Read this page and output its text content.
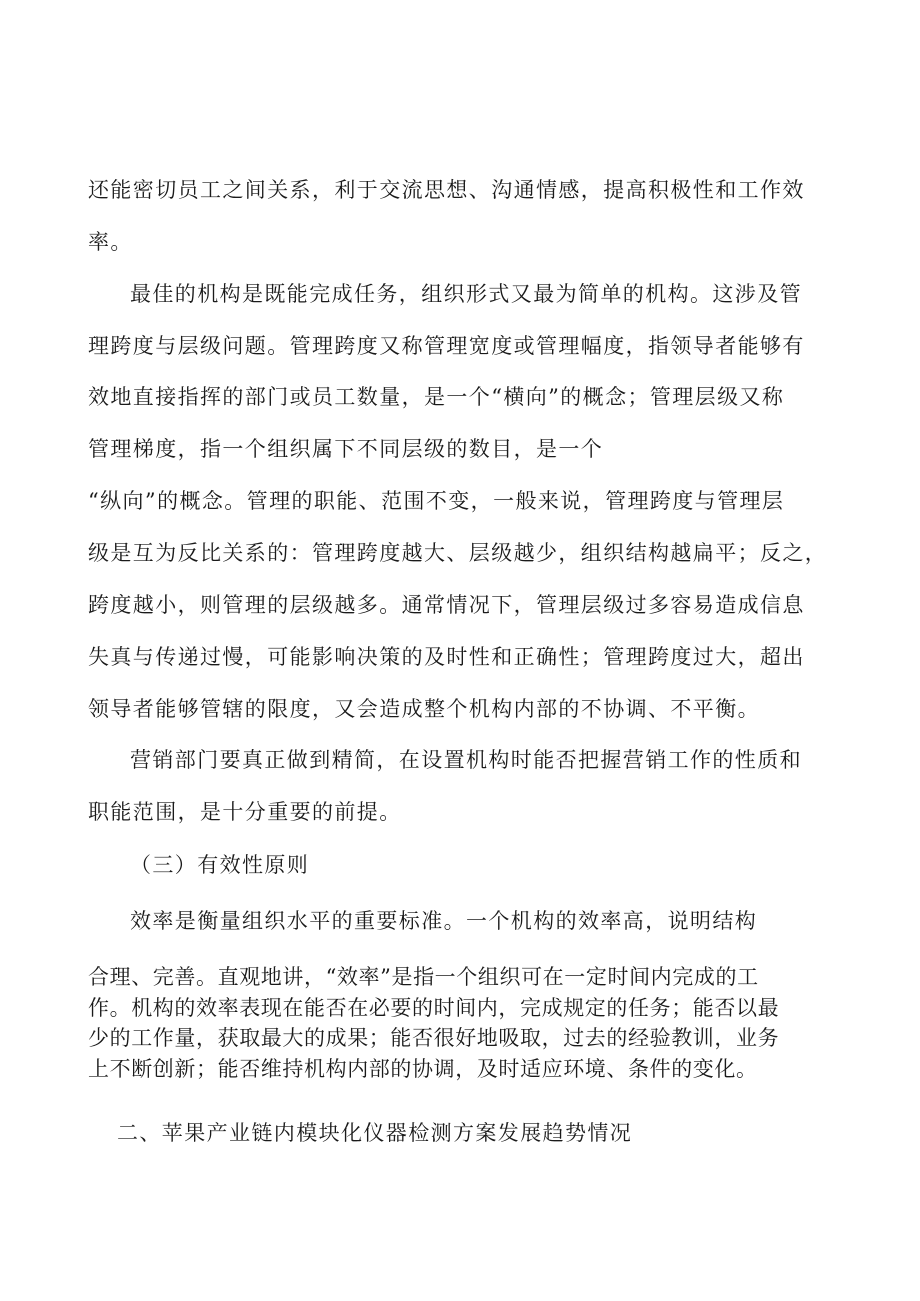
还能密切员工之间关系，利于交流思想、沟通情感，提高积极性和工作效
率。
最佳的机构是既能完成任务，组织形式又最为简单的机构。这涉及管
理跨度与层级问题。管理跨度又称管理宽度或管理幅度，指领导者能够有
效地直接指挥的部门或员工数量，是一个“横向”的概念；管理层级又称
管理梯度，指一个组织属下不同层级的数目，是一个
“纵向”的概念。管理的职能、范围不变，一般来说，管理跨度与管理层
级是互为反比关系的：管理跨度越大、层级越少，组织结构越扁平；反之，
跨度越小，则管理的层级越多。通常情况下，管理层级过多容易造成信息
失真与传递过慢，可能影响决策的及时性和正确性；管理跨度过大，超出
领导者能够管辖的限度，又会造成整个机构内部的不协调、不平衡。
营销部门要真正做到精简，在设置机构时能否把握营销工作的性质和
职能范围，是十分重要的前提。
（三）有效性原则
效率是衡量组织水平的重要标准。一个机构的效率高，说明结构
合理、完善。直观地讲，“效率”是指一个组织可在一定时间内完成的工
作。机构的效率表现在能否在必要的时间内，完成规定的任务；能否以最
少的工作量，获取最大的成果；能否很好地吸取，过去的经验教训，业务
上不断创新；能否维持机构内部的协调，及时适应环境、条件的变化。
二、苹果产业链内模块化仪器检测方案发展趋势情况
